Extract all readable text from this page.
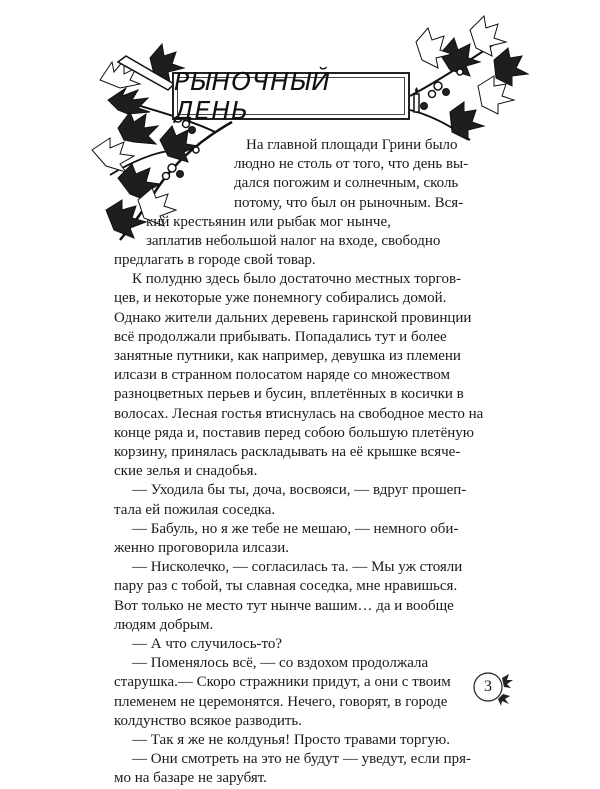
РЫНОЧНЫЙ ДЕНЬ
На главной площади Грини было
людно не столь от того, что день вы-
дался погожим и солнечным, сколь
потому, что был он рыночным. Вся-
кий крестьянин или рыбак мог нынче,
заплатив небольшой налог на входе, свободно
предлагать в городе свой товар.
К полудню здесь было достаточно местных торгов-
цев, и некоторые уже понемногу собирались домой.
Однако жители дальних деревень гаринской провинции
всё продолжали прибывать. Попадались тут и более
занятные путники, как например, девушка из племени
илсази в странном полосатом наряде со множеством
разноцветных перьев и бусин, вплетённых в косички в
волосах. Лесная гостья втиснулась на свободное место на
конце ряда и, поставив перед собою большую плетёную
корзину, принялась раскладывать на её крышке всяче-
ские зелья и снадобья.
— Уходила бы ты, доча, восвояси, — вдруг прошеп-
тала ей пожилая соседка.
— Бабуль, но я же тебе не мешаю, — немного оби-
женно проговорила илсази.
— Нисколечко, — согласилась та. — Мы уж стояли
пару раз с тобой, ты славная соседка, мне нравишься.
Вот только не место тут нынче вашим… да и вообще
людям добрым.
— А что случилось-то?
— Поменялось всё, — со вздохом продолжала
старушка.— Скоро стражники придут, а они с твоим
племенем не церемонятся. Нечего, говорят, в городе
колдунство всякое разводить.
— Так я же не колдунья! Просто травами торгую.
— Они смотреть на это не будут — уведут, если пря-
мо на базаре не зарубят.
3
